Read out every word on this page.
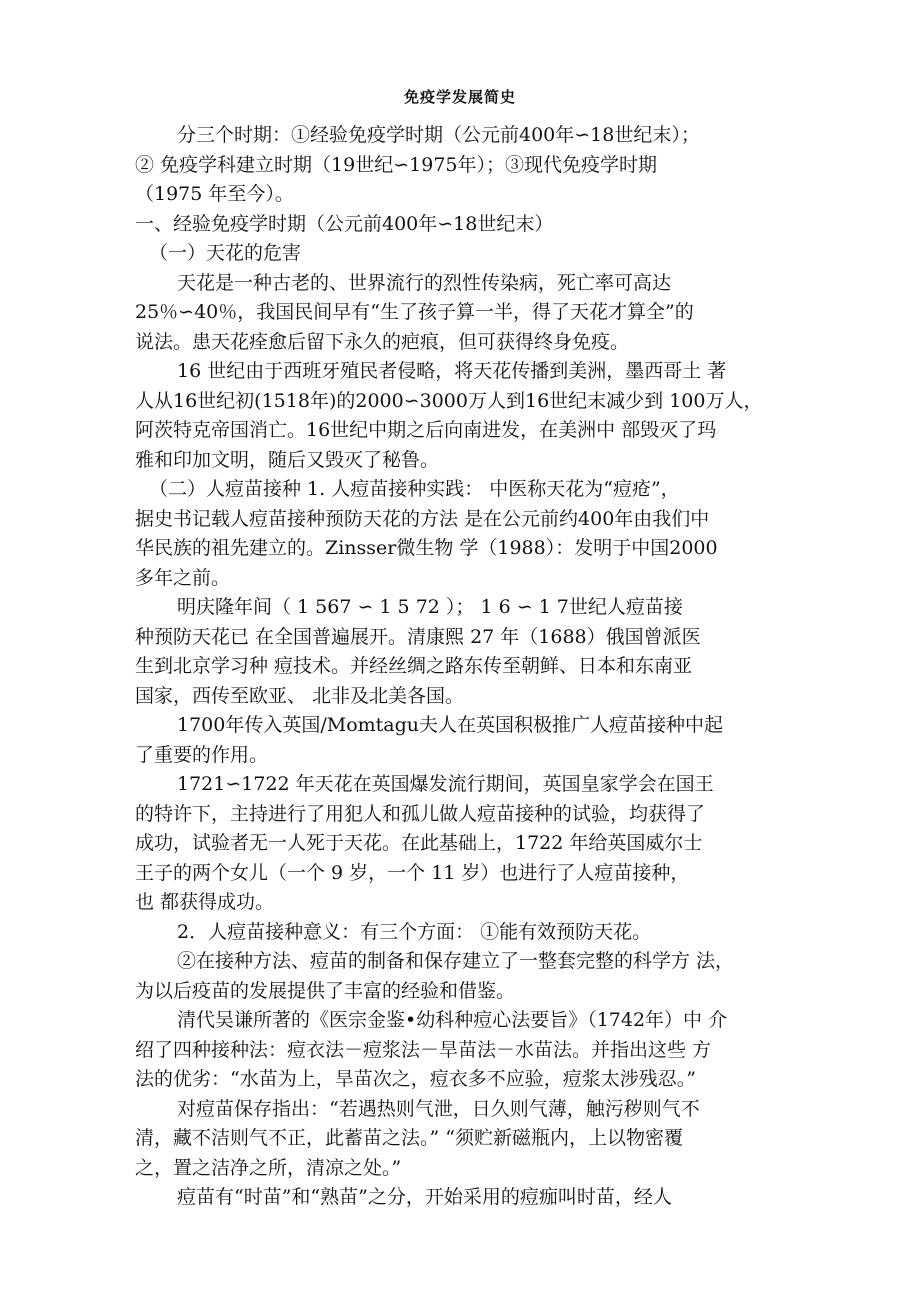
免疫学发展简史
分三个时期：①经验免疫学时期（公元前400年∽18世纪末）；
② 免疫学科建立时期（19世纪∽1975年）；③现代免疫学时期
（1975 年至今）。
一、经验免疫学时期（公元前400年∽18世纪末）
（一）天花的危害
天花是一种古老的、世界流行的烈性传染病，死亡率可高达
25％∽40％，我国民间早有“生了孩子算一半，得了天花才算全”的
说法。患天花痊愈后留下永久的疤痕，但可获得终身免疫。
16 世纪由于西班牙殖民者侵略，将天花传播到美洲，墨西哥土 著
人从16世纪初(1518年)的2000∽3000万人到16世纪末减少到 100万人，
阿茨特克帝国消亡。16世纪中期之后向南进发，在美洲中 部毁灭了玛
雅和印加文明，随后又毁灭了秘鲁。
（二）人痘苗接种 1. 人痘苗接种实践： 中医称天花为“痘疮”，
据史书记载人痘苗接种预防天花的方法 是在公元前约400年由我们中
华民族的祖先建立的。Zinsser微生物 学（1988）：发明于中国2000
多年之前。
明庆隆年间（ 1 567 ∽ 1 5 72 ）； 1 6 ∽ 1 7世纪人痘苗接
种预防天花已 在全国普遍展开。清康熙 27 年（1688）俄国曾派医
生到北京学习种 痘技术。并经丝绸之路东传至朝鲜、日本和东南亚
国家，西传至欧亚、 北非及北美各国。
1700年传入英国/Momtagu夫人在英国积极推广人痘苗接种中起
了重要的作用。
1721∽1722 年天花在英国爆发流行期间，英国皇家学会在国王
的特许下，主持进行了用犯人和孤儿做人痘苗接种的试验，均获得了
成功，试验者无一人死于天花。在此基础上，1722 年给英国威尔士
王子的两个女儿（一个 9 岁，一个 11 岁）也进行了人痘苗接种，
也 都获得成功。
2．人痘苗接种意义：有三个方面： ①能有效预防天花。
②在接种方法、痘苗的制备和保存建立了一整套完整的科学方 法，
为以后疫苗的发展提供了丰富的经验和借鉴。
清代吴谦所著的《医宗金鉴•幼科种痘心法要旨》（1742年）中 介
绍了四种接种法：痘衣法－痘浆法－旱苗法－水苗法。并指出这些 方
法的优劣：“水苗为上，旱苗次之，痘衣多不应验，痘浆太涉残忍。”
对痘苗保存指出：“若遇热则气泄，日久则气薄，触污秽则气不
清，藏不洁则气不正，此蓄苗之法。” “须贮新磁瓶内，上以物密覆
之，置之洁净之所，清凉之处。”
痘苗有“时苗”和“熟苗”之分，开始采用的痘痂叫时苗，经人
